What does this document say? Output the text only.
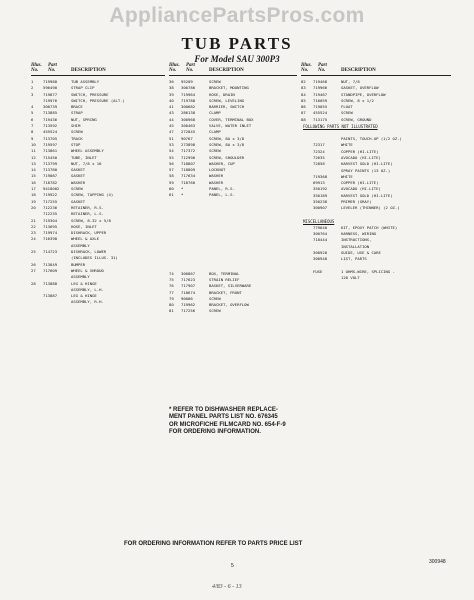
AppliancePartsPros.com
TUB PARTS
For Model SAU 300P3
Illus.
No.
Part
No.	DESCRIPTION
1	719988	TUB ASSEMBLY
2	596490	STRAP CLIP
3	719877	SWITCH, PRESSURE
719976	SWITCH, PRESSURE (ALT.)
4	300739	BRACE
5	713885	STRAP
6	719436	NUT, SPRING
7	713592	SHIM
8	455524	SCREW
9	713705	TRACK
10	719597	STOP
11	713861	WHEEL ASSEMBLY
12	715450	TUBE, INLET
13	713799	NUT, 7/8 x 16
14	713780	GASKET
15	719087	GASKET
16	718782	WASHER
17	9418002	SCREW
18	719922	SCREW, TAPPING (4)
19	717255	GASKET
20	712236	RETAINER, R.S.
712235	RETAINER, L.S.
21	719304	SCREW, 8-32 x 5/8
22	713695	HOSE, INLET
23	719974	DISHRACK, UPPER
24	716398	WHEEL & AXLE
ASSEMBLY
25	714723	DISHRACK, LOWER
(INCLUDES ILLUS. 31)
26	713849	BUMPER
27	717609	WHEEL & SHROUD
ASSEMBLY
28	713888	LEG & HINGE
ASSEMBLY, L.H.
713887	LEG & HINGE
ASSEMBLY, R.H.
Illus.
No.
Part
No.	DESCRIPTION
36	95209	SCREW
38	300786	BRACKET, MOUNTING
39	719964	HOSE, DRAIN
40	719788	SCREW, LEVELING
41	300682	BARRIER, SWITCH
43	286138	CLAMP
44	300968	COVER, TERMINAL BOX
45	300463	VALVE, WATER INLET
47	272845	CLAMP
51	90767	SCREW, 8A x 3/8
53	273898	SCREW, 8A x 3/8
54	717372	SCREW
55	712990	SCREW, SHOULDER
56	718807	WASHER, CUP
57	718809	LOCKNUT
58	717634	WASHER
59	718760	WASHER
60	*	PANEL, R.S.
61	*	PANEL, L.S.
74	300867	BOX, TERMINAL
75	717623	STRAIN RELIEF
76	717907	BASKET, SILVERWARE
77	718674	BRACKET, FRONT
79	90086	SCREW
80	719962	BRACKET, OVERFLOW
81	717256	SCREW
Illus.
No.
Part
No.	DESCRIPTION
82	719468	NUT, 7/8
83	719966	GASKET, OVERFLOW
84	719467	STANDPIPE, OVERFLOW
85	716059	SCREW, 8 x 1/2
86	719055	FLOAT
87	455524	SCREW
88	713175	SCREW, GROUND
FOLLOWING PARTS NOT ILLUSTRATED
PAINTS, TOUCH-UP (1/2 OZ.)
72317	WHITE
72324	COPPER (HI-LITE)
72635	AVOCADO (HI-LITE)
72858	HARVEST GOLD (HI-LITE)
SPRAY PAINTS (13 OZ.)
719368	WHITE
69913	COPPER (HI-LITE)
350192	AVOCADO (HI-LITE)
350189	HARVEST GOLD (HI-LITE)
350238	PRIMER (GRAY)
300907	LEVELER (THINNER) (2 OZ.)
MISCELLANEOUS
779640	KIT, EPOXY PATCH (WHITE)
300764	HARNESS, WIRING
718444	INSTRUCTIONS,
INSTALLATION
300928	GUIDE, USE & CARE
300948	LIST, PARTS
FUSE	1 OHMS-WIRE, SPLICING -
120 VOLT
* REFER TO DISHWASHER REPLACE-
MENT PANEL PARTS LIST NO. 676345
OR MICROFICHE FILMCARD NO. 654-F-9
FOR ORDERING INFORMATION.
FOR ORDERING INFORMATION REFER TO PARTS PRICE LIST
5
300948
4/83 - 6 - 13
